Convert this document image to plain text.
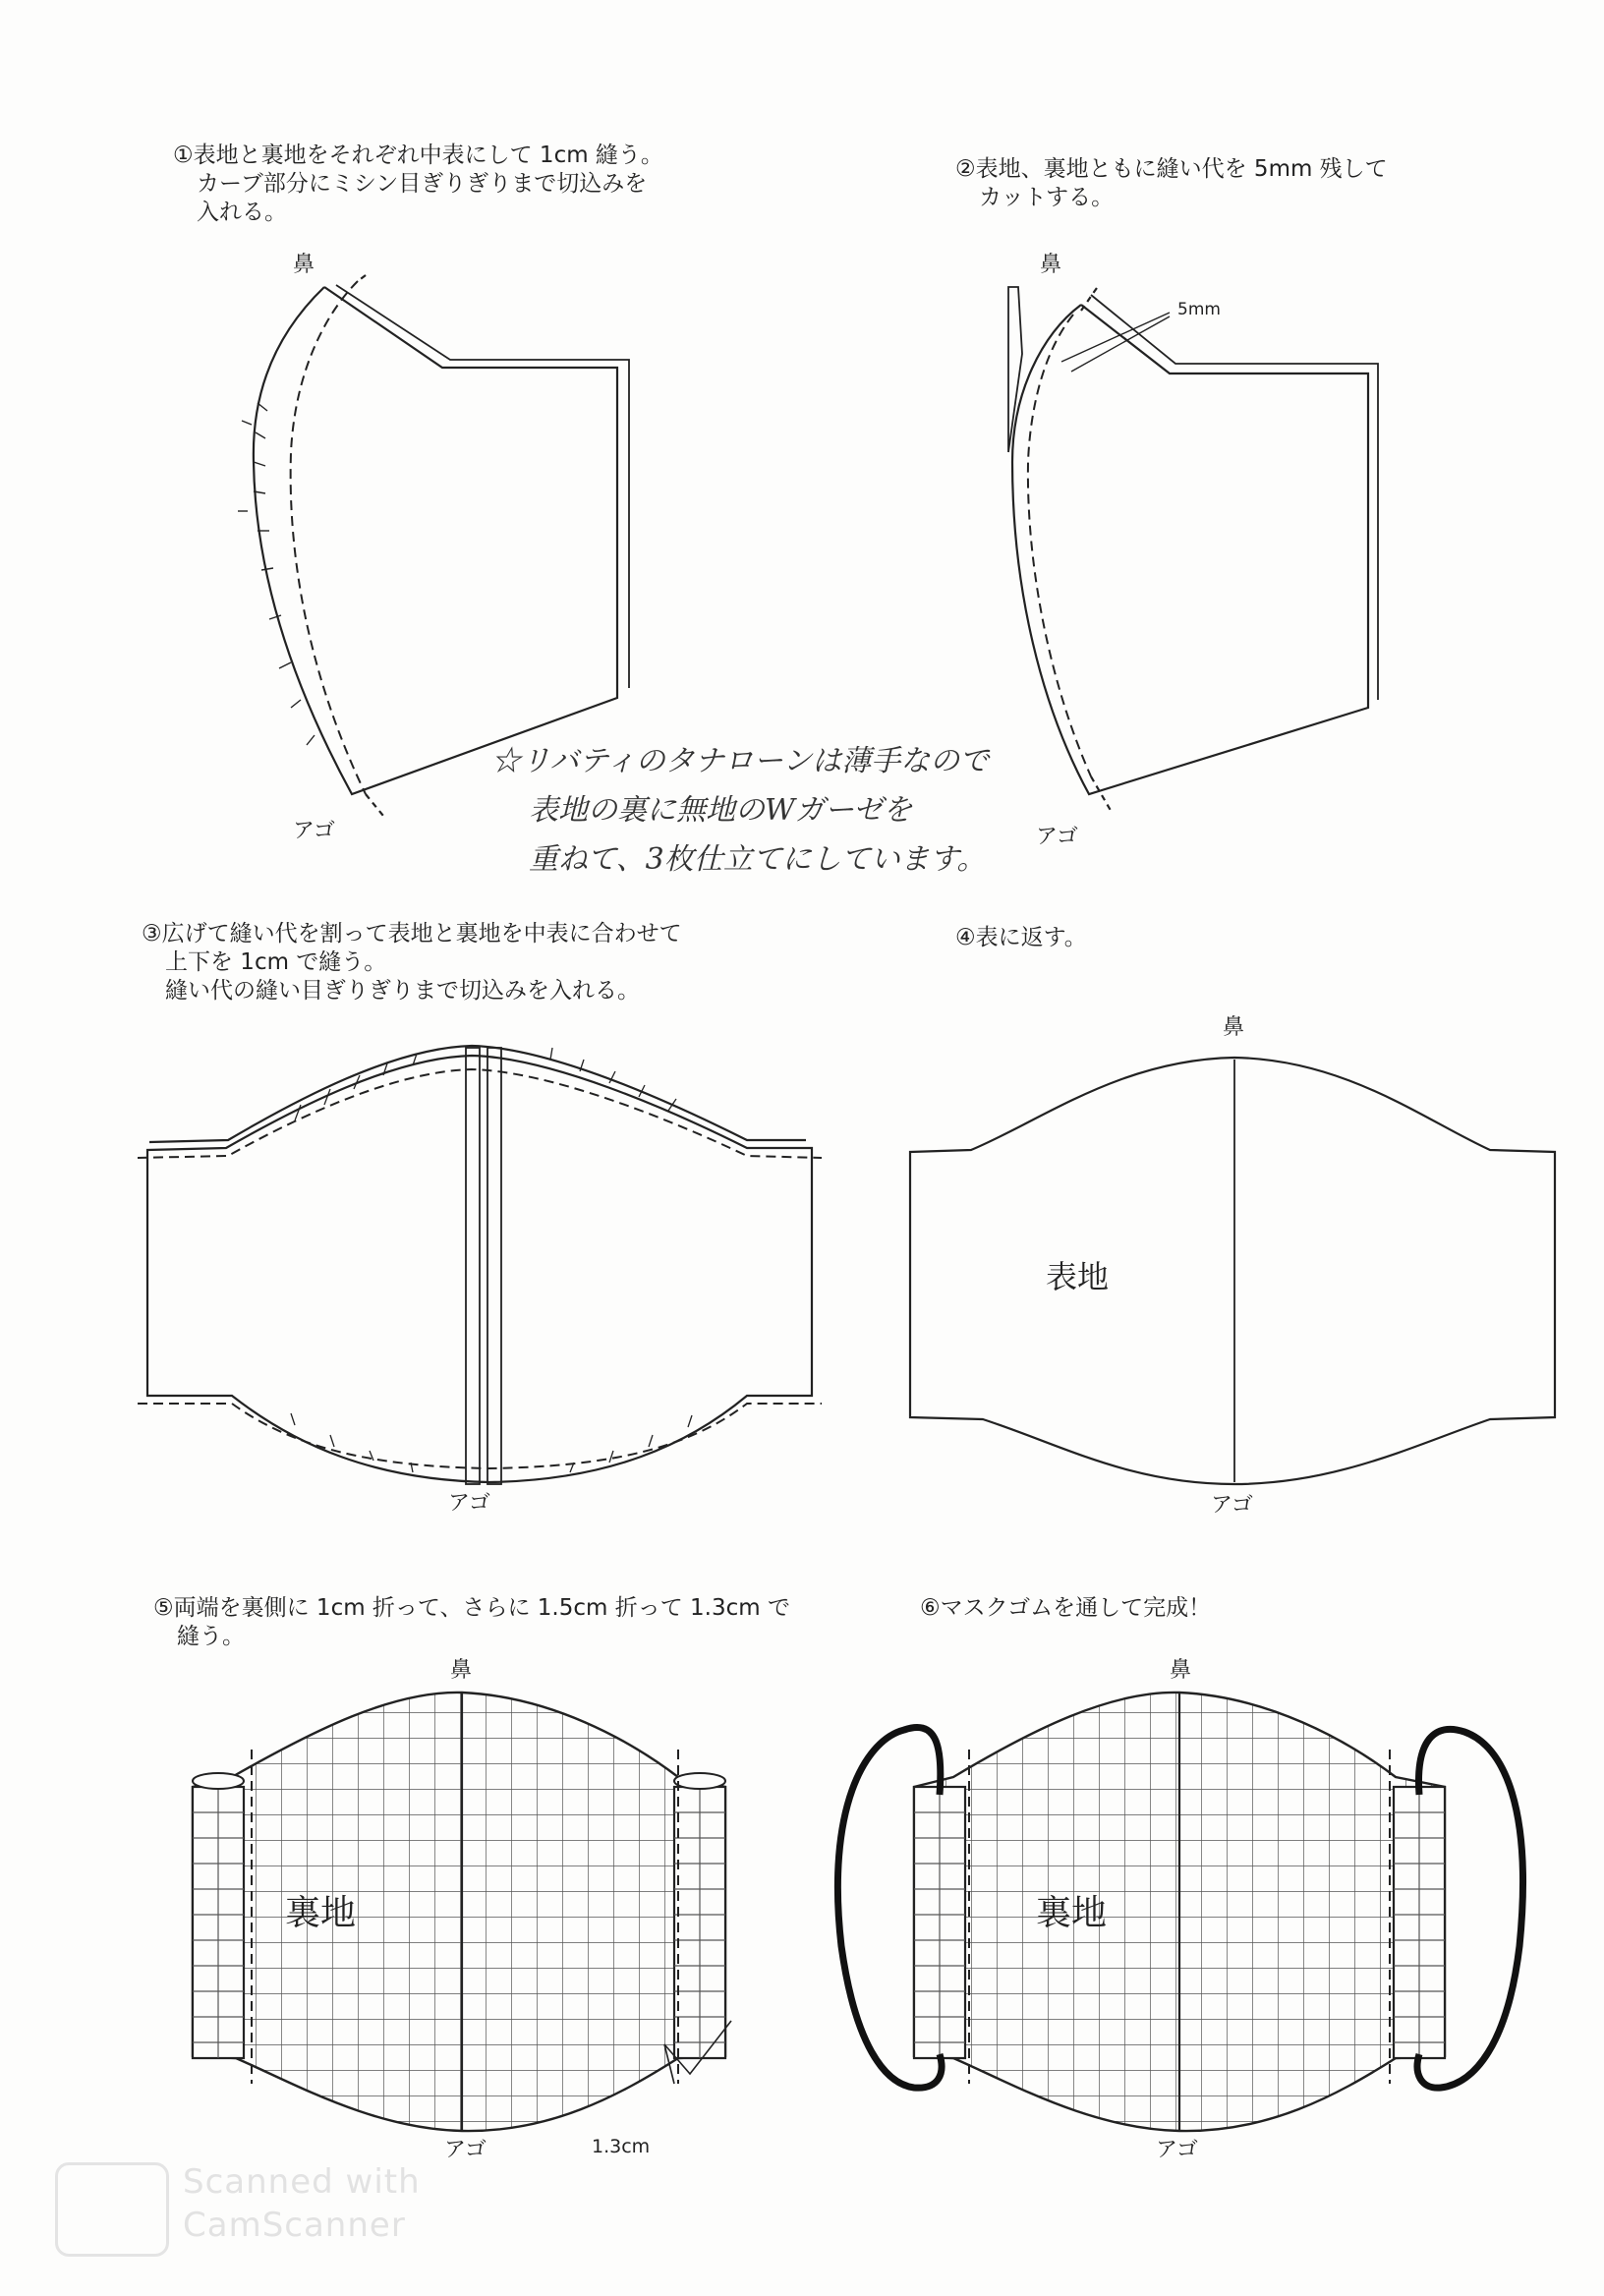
①表地と裏地をそれぞれ中表にして 1cm 縫う。
カーブ部分にミシン目ぎりぎりまで切込みを
入れる。
②表地、裏地ともに縫い代を 5mm 残して
カットする。
③広げて縫い代を割って表地と裏地を中表に合わせて
上下を 1cm で縫う。
縫い代の縫い目ぎりぎりまで切込みを入れる。
④表に返す。
⑤両端を裏側に 1cm 折って、さらに 1.5cm 折って 1.3cm で
縫う。
⑥マスクゴムを通して完成！
鼻
アゴ
鼻
5mm
アゴ
アゴ
鼻
表地
アゴ
鼻
裏地
アゴ	1.3cm
鼻
裏地
アゴ
☆リバティのタナローンは薄手なので
表地の裏に無地のWガーゼを
重ねて、3枚仕立てにしています。
Scanned with
CamScanner
